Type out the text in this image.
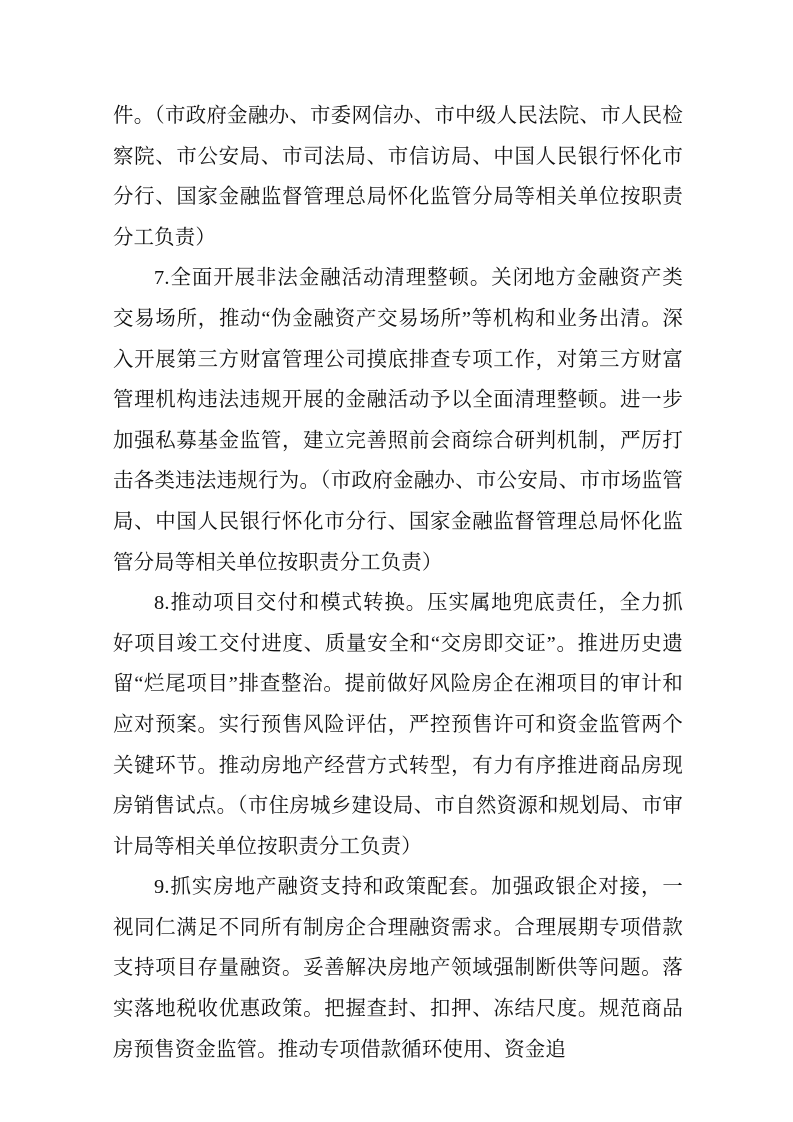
件。（市政府金融办、市委网信办、市中级人民法院、市人民检察院、市公安局、市司法局、市信访局、中国人民银行怀化市分行、国家金融监督管理总局怀化监管分局等相关单位按职责分工负责）

7.全面开展非法金融活动清理整顿。关闭地方金融资产类交易场所，推动“伪金融资产交易场所”等机构和业务出清。深入开展第三方财富管理公司摸底排查专项工作，对第三方财富管理机构违法违规开展的金融活动予以全面清理整顿。进一步加强私募基金监管，建立完善照前会商综合研判机制，严厉打击各类违法违规行为。（市政府金融办、市公安局、市市场监管局、中国人民银行怀化市分行、国家金融监督管理总局怀化监管分局等相关单位按职责分工负责）

8.推动项目交付和模式转换。压实属地兜底责任，全力抓好项目竣工交付进度、质量安全和“交房即交证”。推进历史遗留“烂尾项目”排查整治。提前做好风险房企在湘项目的审计和应对预案。实行预售风险评估，严控预售许可和资金监管两个关键环节。推动房地产经营方式转型，有力有序推进商品房现房销售试点。（市住房城乡建设局、市自然资源和规划局、市审计局等相关单位按职责分工负责）

9.抓实房地产融资支持和政策配套。加强政银企对接，一视同仁满足不同所有制房企合理融资需求。合理展期专项借款支持项目存量融资。妥善解决房地产领域强制断供等问题。落实落地税收优惠政策。把握查封、扣押、冻结尺度。规范商品房预售资金监管。推动专项借款循环使用、资金追
